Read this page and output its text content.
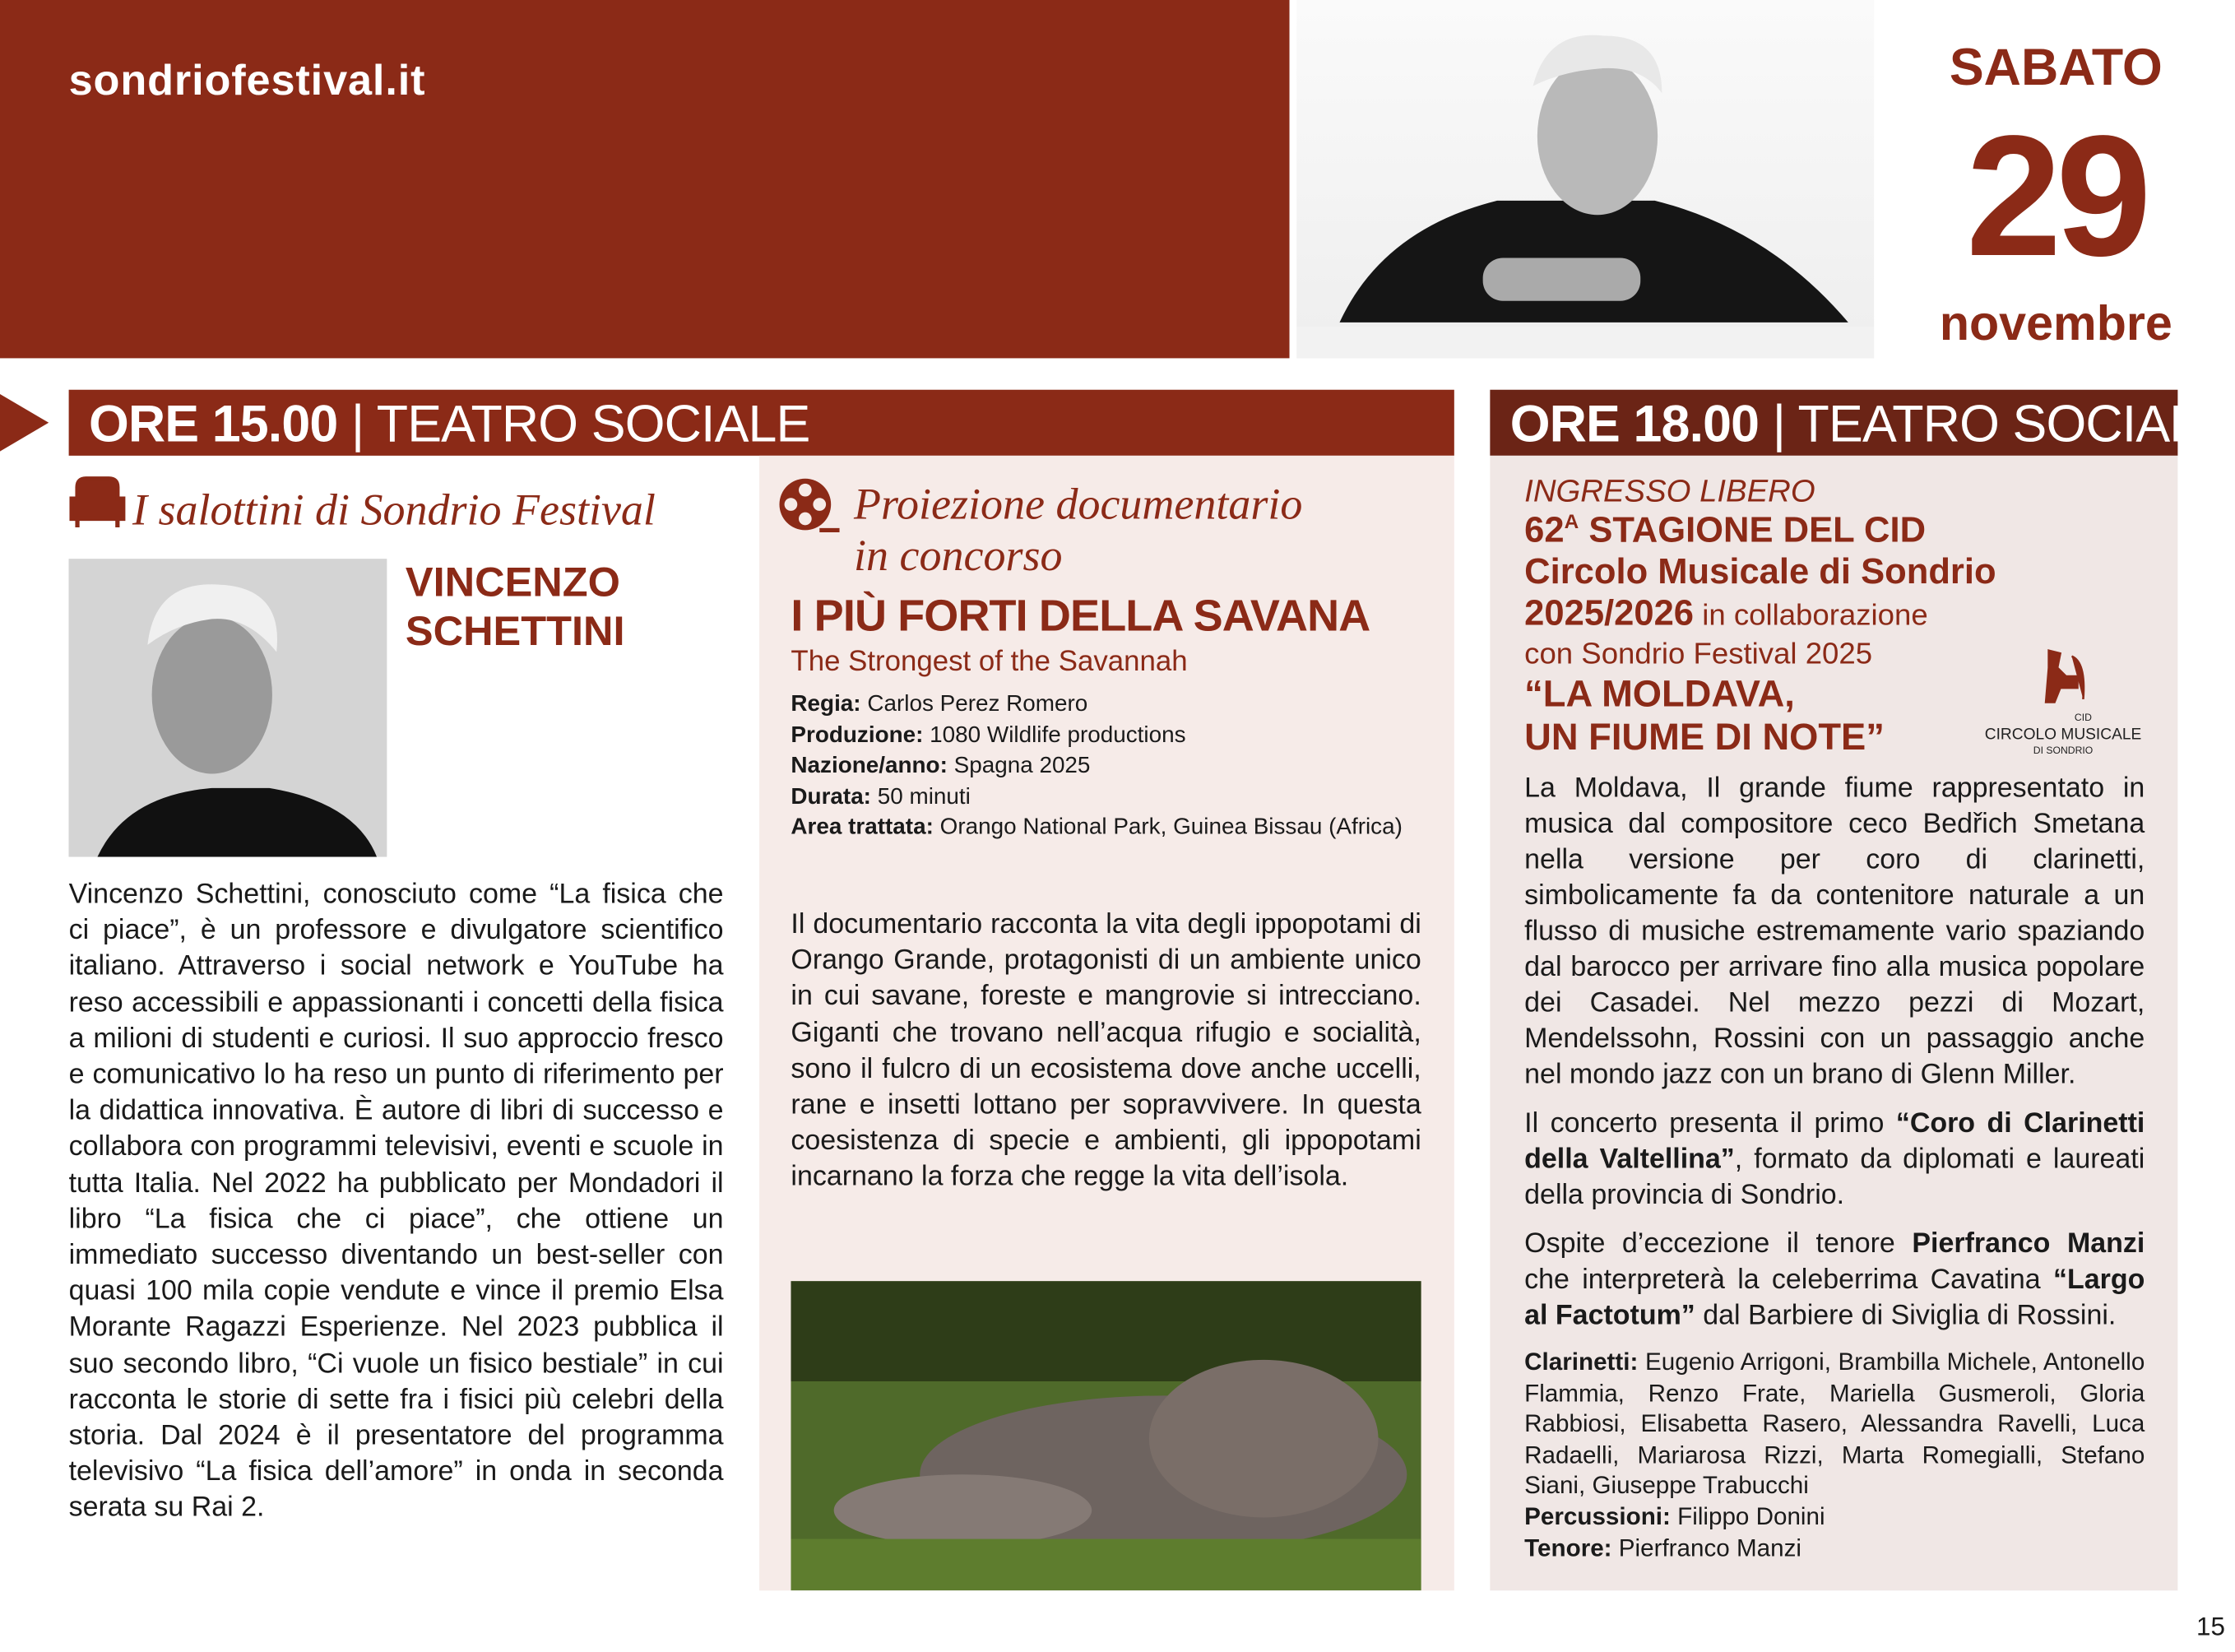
sondriofestival.it	SABATO
29
novembre
ORE 15.00 | TEATRO SOCIALE	ORE 18.00 | TEATRO SOCIALE
I salottini di Sondrio Festival
VINCENZO
SCHETTINI

Vincenzo Schettini, conosciuto come “La fisica che ci piace”, è un professore e divulgatore scientifico italiano. Attraverso i social network e YouTube ha reso accessibili e appassionanti i concetti della fisica a milioni di studenti e curiosi. Il suo approccio fresco e comunicativo lo ha reso un punto di riferimento per la didattica innovativa. È autore di libri di successo e collabora con programmi televisivi, eventi e scuole in tutta Italia. Nel 2022 ha pubblicato per Mondadori il libro “La fisica che ci piace”, che ottiene un immediato successo diventando un best-seller con quasi 100 mila copie vendute e vince il premio Elsa Morante Ragazzi Esperienze. Nel 2023 pubblica il suo secondo libro, “Ci vuole un fisico bestiale” in cui racconta le storie di sette fra i fisici più celebri della storia. Dal 2024 è il presentatore del programma televisivo “La fisica dell’amore” in onda in seconda serata su Rai 2.

Proiezione documentario
in concorso
I PIÙ FORTI DELLA SAVANA
The Strongest of the Savannah
Regia: Carlos Perez Romero
Produzione: 1080 Wildlife productions
Nazione/anno: Spagna 2025
Durata: 50 minuti
Area trattata: Orango National Park, Guinea Bissau (Africa)

Il documentario racconta la vita degli ippopotami di Orango Grande, protagonisti di un ambiente unico in cui savane, foreste e mangrovie si intrecciano. Giganti che trovano nell’acqua rifugio e socialità, sono il fulcro di un ecosistema dove anche uccelli, rane e insetti lottano per sopravvivere. In questa coesistenza di specie e ambienti, gli ippopotami incarnano la forza che regge la vita dell’isola.

INGRESSO LIBERO
$62^A$ STAGIONE DEL CID
Circolo Musicale di Sondrio
2025/2026 in collaborazione
con Sondrio Festival 2025
“LA MOLDAVA,
UN FIUME DI NOTE”	CID
CIRCOLO MUSICALE
DI SONDRIO

La Moldava, Il grande fiume rappresentato in musica dal compositore ceco Bedřich Smetana nella versione per coro di clarinetti, simbolicamente fa da contenitore naturale a un flusso di musiche estremamente vario spaziando dal barocco per arrivare fino alla musica popolare dei Casadei. Nel mezzo pezzi di Mozart, Mendelssohn, Rossini con un passaggio anche nel mondo jazz con un brano di Glenn Miller.

Il concerto presenta il primo “Coro di Clarinetti della Valtellina”, formato da diplomati e laureati della provincia di Sondrio.

Ospite d’eccezione il tenore Pierfranco Manzi che interpreterà la celeberrima Cavatina “Largo al Factotum” dal Barbiere di Siviglia di Rossini.

Clarinetti: Eugenio Arrigoni, Brambilla Michele, Antonello Flammia, Renzo Frate, Mariella Gusmeroli, Gloria Rabbiosi, Elisabetta Rasero, Alessandra Ravelli, Luca Radaelli, Mariarosa Rizzi, Marta Romegialli, Stefano Siani, Giuseppe Trabucchi
Percussioni: Filippo Donini
Tenore: Pierfranco Manzi
15
